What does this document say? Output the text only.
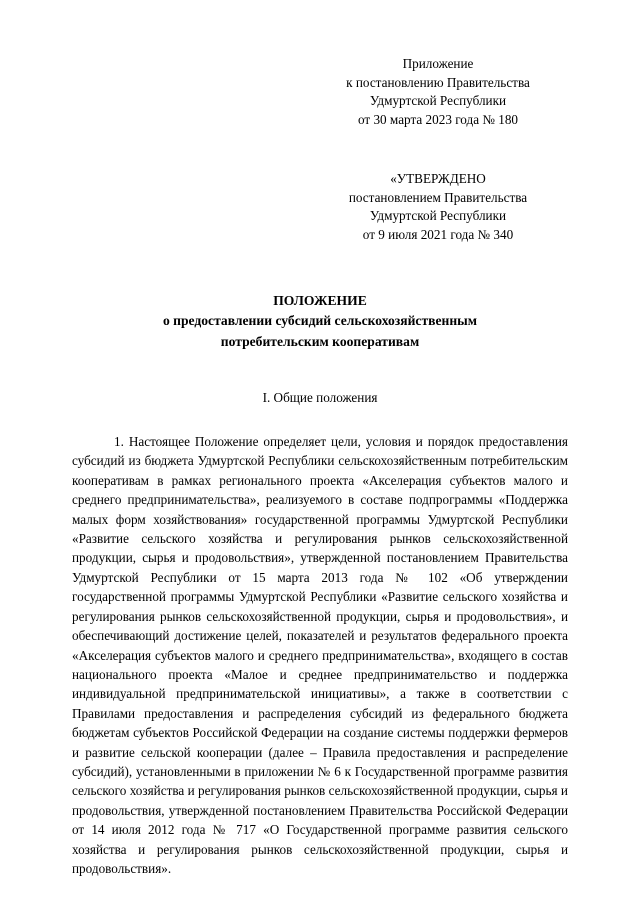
Приложение
к постановлению Правительства
Удмуртской Республики
от 30 марта 2023 года № 180
«УТВЕРЖДЕНО
постановлением Правительства
Удмуртской Республики
от 9 июля 2021 года № 340
ПОЛОЖЕНИЕ
о предоставлении субсидий сельскохозяйственным
потребительским кооперативам
I. Общие положения

1. Настоящее Положение определяет цели, условия и порядок предоставления субсидий из бюджета Удмуртской Республики сельскохозяйственным потребительским кооперативам в рамках регионального проекта «Акселерация субъектов малого и среднего предпринимательства», реализуемого в составе подпрограммы «Поддержка малых форм хозяйствования» государственной программы Удмуртской Республики «Развитие сельского хозяйства и регулирования рынков сельскохозяйственной продукции, сырья и продовольствия», утвержденной постановлением Правительства Удмуртской Республики от 15 марта 2013 года № 102 «Об утверждении государственной программы Удмуртской Республики «Развитие сельского хозяйства и регулирования рынков сельскохозяйственной продукции, сырья и продовольствия», и обеспечивающий достижение целей, показателей и результатов федерального проекта «Акселерация субъектов малого и среднего предпринимательства», входящего в состав национального проекта «Малое и среднее предпринимательство и поддержка индивидуальной предпринимательской инициативы», а также в соответствии с Правилами предоставления и распределения субсидий из федерального бюджета бюджетам субъектов Российской Федерации на создание системы поддержки фермеров и развитие сельской кооперации (далее – Правила предоставления и распределение субсидий), установленными в приложении № 6 к Государственной программе развития сельского хозяйства и регулирования рынков сельскохозяйственной продукции, сырья и продовольствия, утвержденной постановлением Правительства Российской Федерации от 14 июля 2012 года № 717 «О Государственной программе развития сельского хозяйства и регулирования рынков сельскохозяйственной продукции, сырья и продовольствия».
